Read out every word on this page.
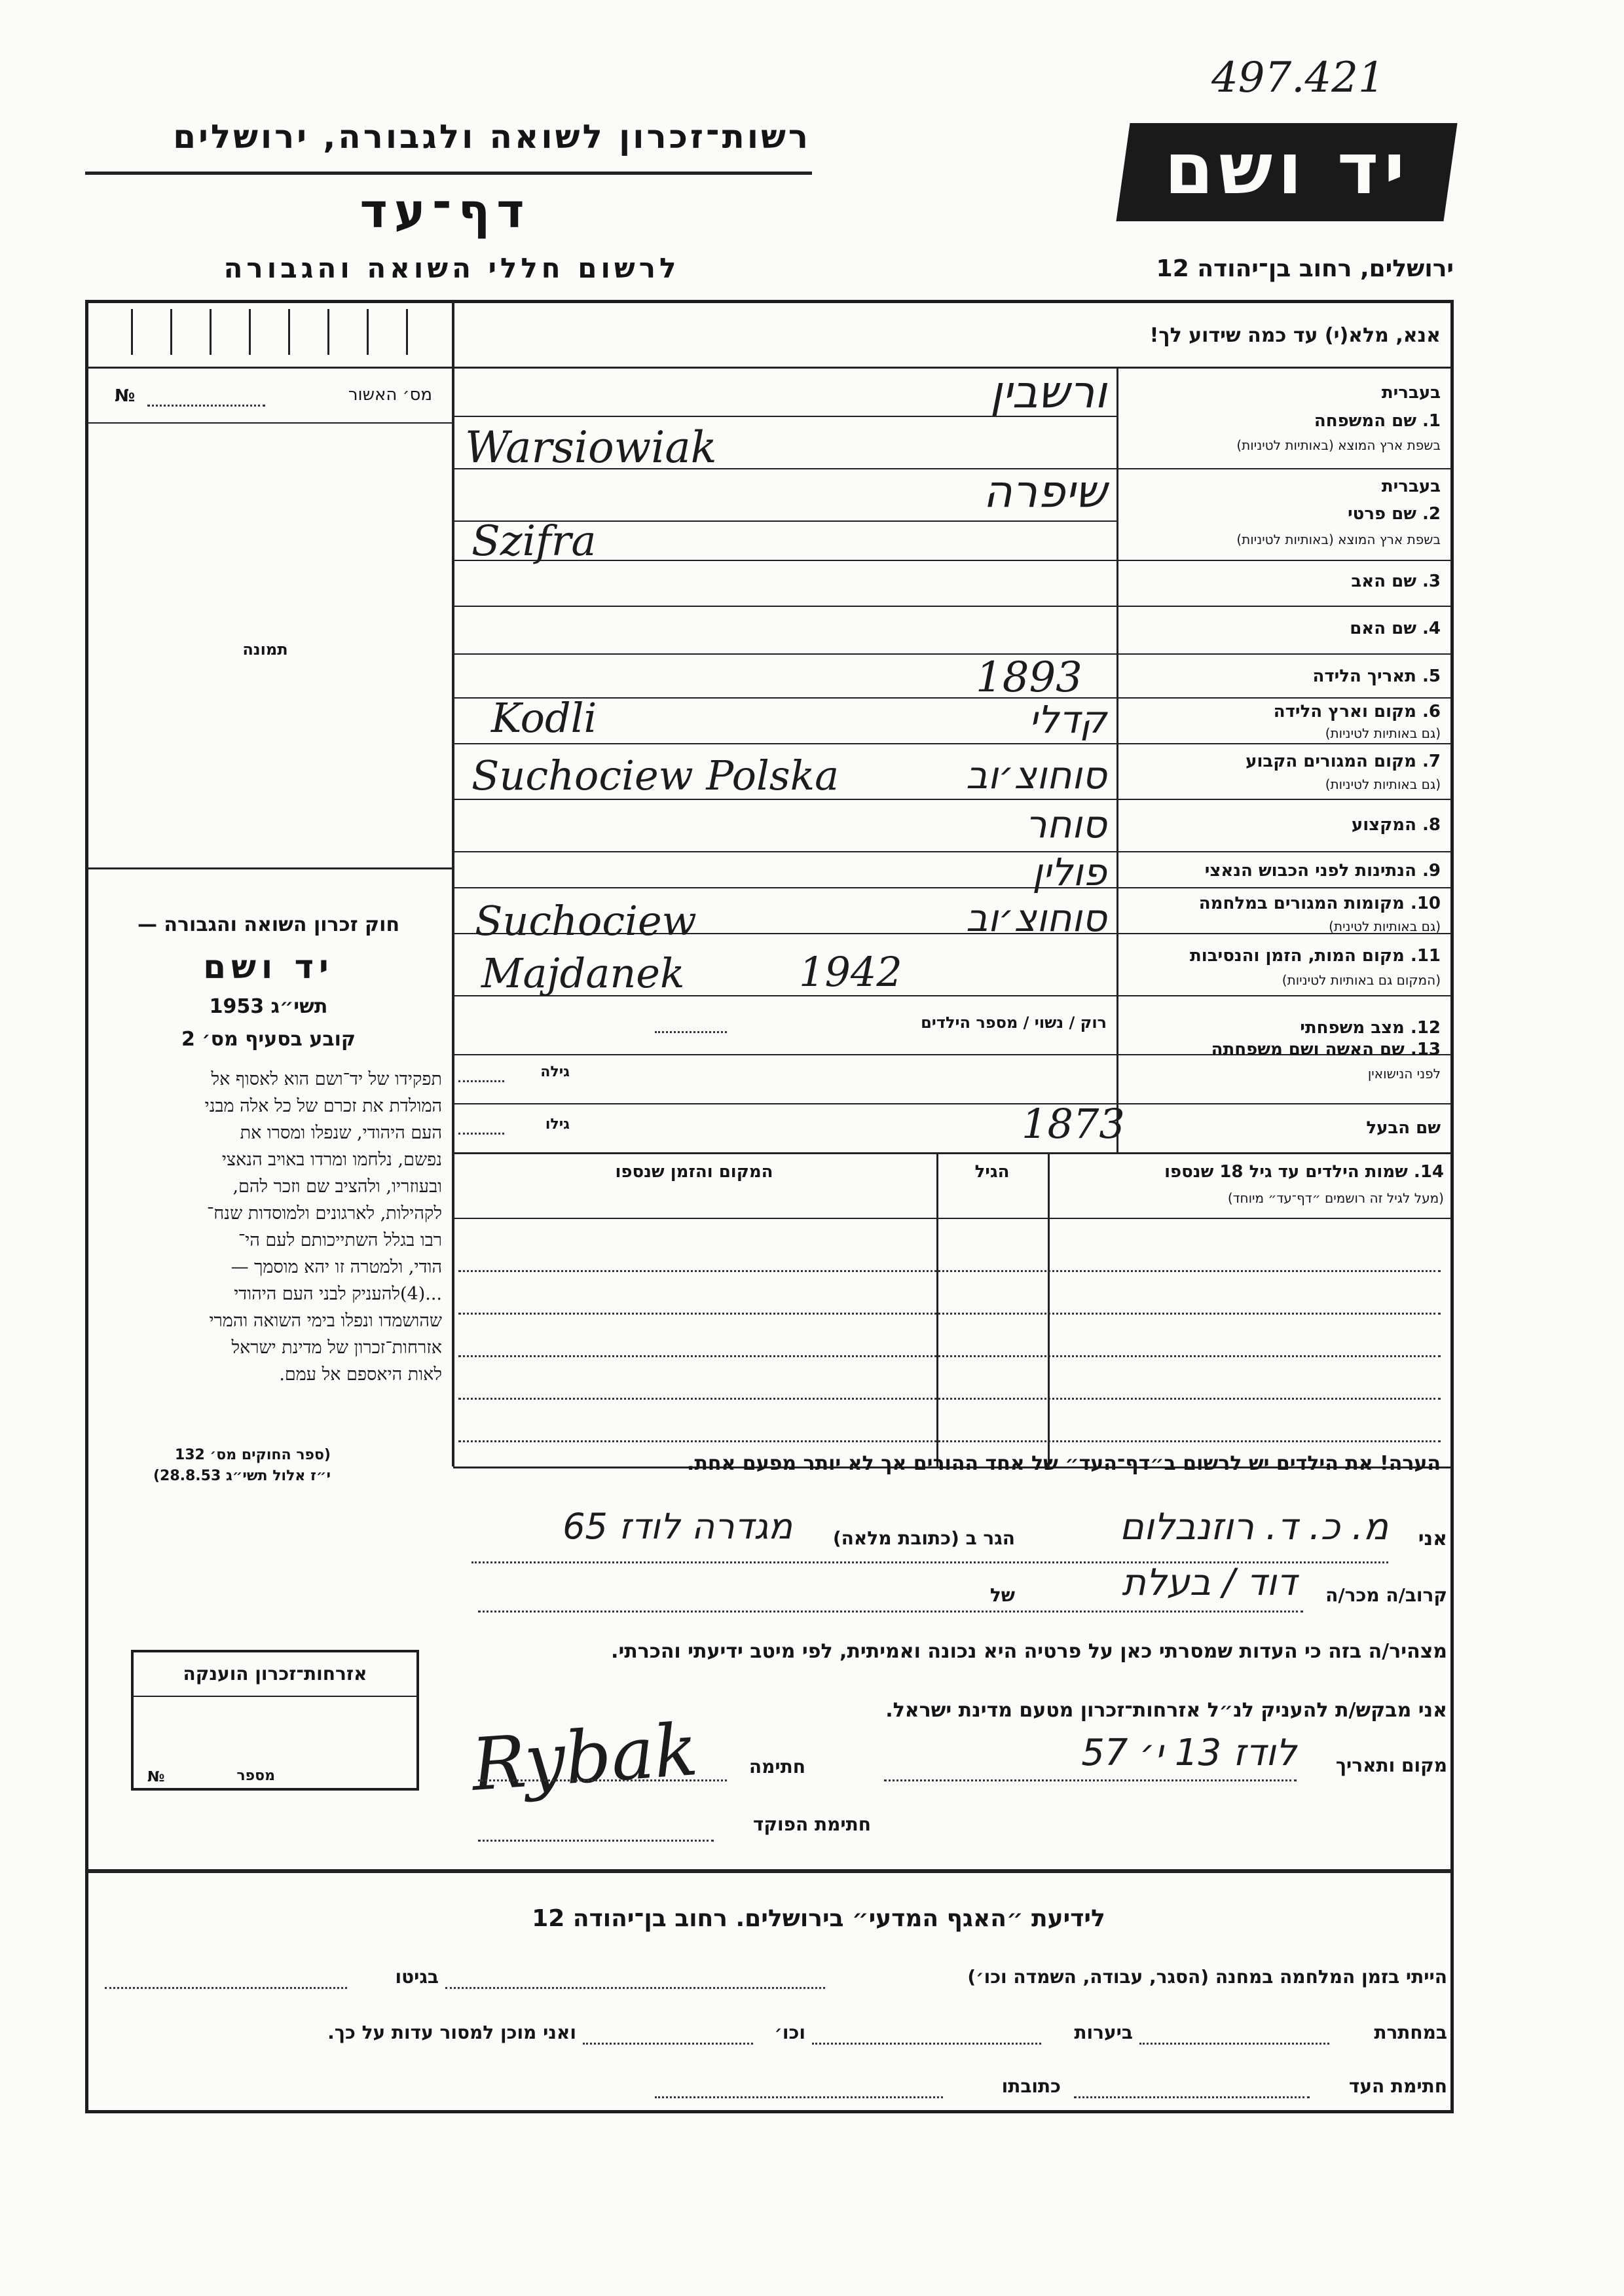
497.421
רשות־זכרון לשואה ולגבורה, ירושלים
דף־עד
לרשום חללי השואה והגבורה
יד ושם
ירושלים, רחוב בן־יהודה 12
אנא, מלא(י) עד כמה שידוע לך!
מס׳ האשור
№
תמונה
בעברית
1. שם המשפחה
בשפת ארץ המוצא (באותיות לטיניות)
ורשבין
Warsiowiak
בעברית
2. שם פרטי
בשפת ארץ המוצא (באותיות לטיניות)
שיפרה
Szifra
3. שם האב
4. שם האם
5. תאריך הלידה
1893
6. מקום וארץ הלידה
(גם באותיות לטיניות)
קדלי
Kodli
7. מקום המגורים הקבוע
(גם באותיות לטיניות)
סוחוצ׳וב
Suchociew Polska
8. המקצוע
סוחר
9. הנתינות לפני הכבוש הנאצי
פולין
10. מקומות המגורים במלחמה
(גם באותיות לטינית)
סוחוצ׳וב
Suchociew
11. מקום המות, הזמן והנסיבות
(המקום גם באותיות לטיניות)
1942
Majdanek
12. מצב משפחתי
רוק / נשוי / מספר הילדים
13. שם האשה ושם משפחתה
לפני הנישואין
גילה
שם הבעל
גילו	1873
14. שמות הילדים עד גיל 18 שנספו
(מעל לגיל זה רושמים ״דף־עד״ מיוחד)
הגיל
המקום והזמן שנספו
חוק זכרון השואה והגבורה —
יד ושם
תשי״ג 1953
קובע בסעיף מס׳ 2
תפקידו של יד־ושם הוא לאסוף אל
המולדת את זכרם של כל אלה מבני
העם היהודי, שנפלו ומסרו את
נפשם, נלחמו ומרדו באויב הנאצי
ובעוזריו, ולהציב שם וזכר להם,
לקהילות, לארגונים ולמוסדות שנח־
רבו בגלל השתייכותם לעם הי־
הודי, ולמטרה זו יהא מוסמך —
...(4)להעניק לבני העם היהודי
שהושמדו ונפלו בימי השואה והמרי
אזרחות־זכרון של מדינת ישראל
לאות היאספם אל עמם.
(ספר החוקים מס׳ 132
י״ז אלול תשי״ג 28.8.53)
אזרחות־זכרון הוענקה
מספר
№
הערה! את הילדים יש לרשום ב״דף־העד״ של אחד ההורים אך לא יותר מפעם אחת.
אני
מ. כ. ד. רוזנבלום
הגר ב (כתובת מלאה)
מגדרה לודז 65
קרוב/ה מכר/ה
דוד / בעלת
של
מצהיר/ה בזה כי העדות שמסרתי כאן על פרטיה היא נכונה ואמיתית, לפי מיטב ידיעתי והכרתי.
אני מבקש/ת להעניק לנ״ל אזרחות־זכרון מטעם מדינת ישראל.
מקום ותאריך
לודז 13 י׳ 57
חתימה
Rybak
חתימת הפוקד
לידיעת ״האגף המדעי״ בירושלים. רחוב בן־יהודה 12
הייתי בזמן המלחמה במחנה (הסגר, עבודה, השמדה וכו׳)
בגיטו
במחתרת
ביערות
וכו׳
ואני מוכן למסור עדות על כך.
חתימת העד
כתובתו
